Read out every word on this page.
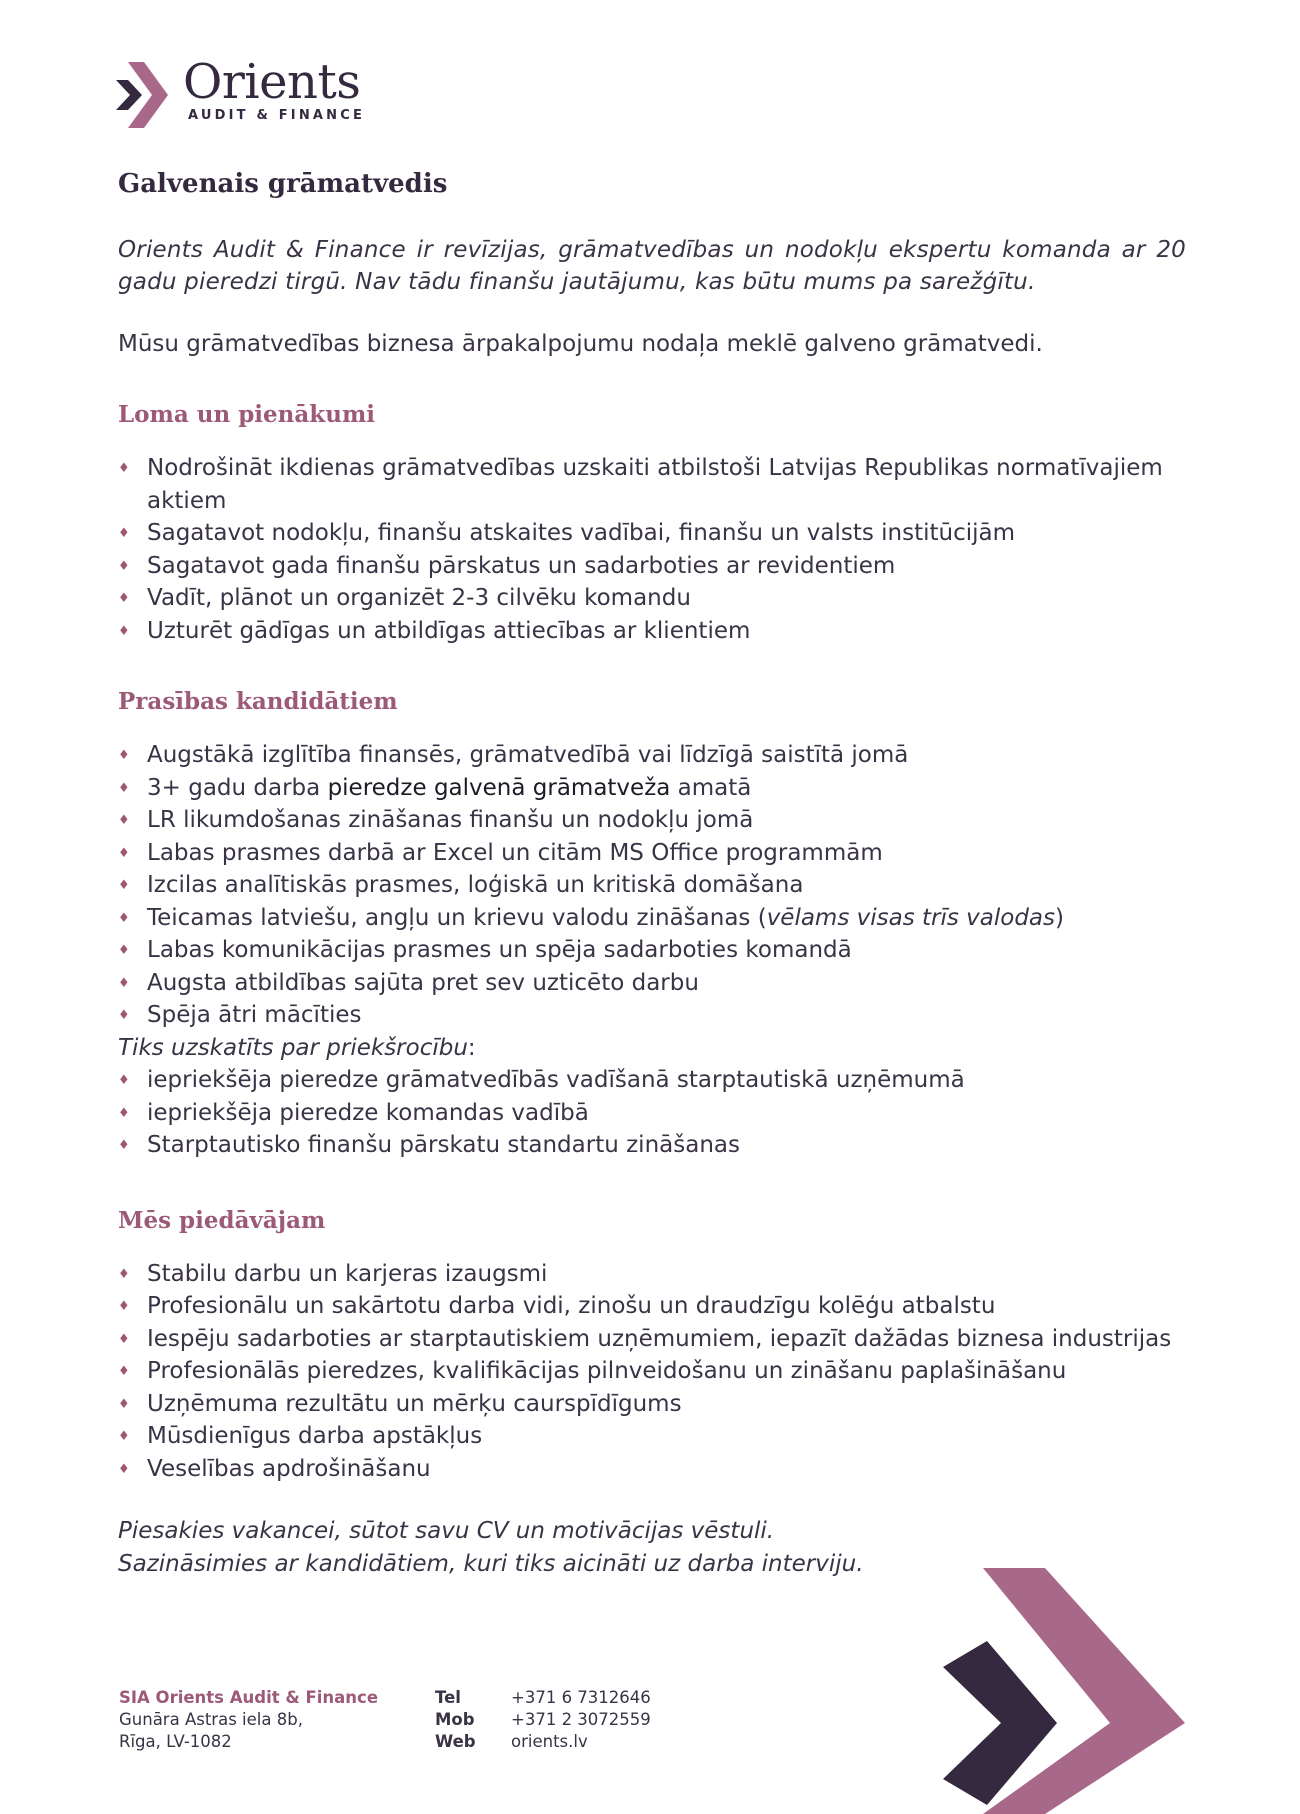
Orients
AUDIT & FINANCE
Galvenais grāmatvedis

Orients Audit & Finance ir revīzijas, grāmatvedības un nodokļu ekspertu komanda ar 20 gadu pieredzi tirgū. Nav tādu finanšu jautājumu, kas būtu mums pa sarežģītu.

Mūsu grāmatvedības biznesa ārpakalpojumu nodaļa meklē galveno grāmatvedi.

Loma un pienākumi
♦ Nodrošināt ikdienas grāmatvedības uzskaiti atbilstoši Latvijas Republikas normatīvajiem aktiem
♦ Sagatavot nodokļu, finanšu atskaites vadībai, finanšu un valsts institūcijām
♦ Sagatavot gada finanšu pārskatus un sadarboties ar revidentiem
♦ Vadīt, plānot un organizēt 2-3 cilvēku komandu
♦ Uzturēt gādīgas un atbildīgas attiecības ar klientiem
Prasības kandidātiem
♦ Augstākā izglītība finansēs, grāmatvedībā vai līdzīgā saistītā jomā
♦ 3+ gadu darba pieredze galvenā grāmatveža amatā
♦ LR likumdošanas zināšanas finanšu un nodokļu jomā
♦ Labas prasmes darbā ar Excel un citām MS Office programmām
♦ Izcilas analītiskās prasmes, loģiskā un kritiskā domāšana
♦ Teicamas latviešu, angļu un krievu valodu zināšanas (vēlams visas trīs valodas)
♦ Labas komunikācijas prasmes un spēja sadarboties komandā
♦ Augsta atbildības sajūta pret sev uzticēto darbu
♦ Spēja ātri mācīties
Tiks uzskatīts par priekšrocību:
♦ iepriekšēja pieredze grāmatvedībās vadīšanā starptautiskā uzņēmumā
♦ iepriekšēja pieredze komandas vadībā
♦ Starptautisko finanšu pārskatu standartu zināšanas
Mēs piedāvājam
♦ Stabilu darbu un karjeras izaugsmi
♦ Profesionālu un sakārtotu darba vidi, zinošu un draudzīgu kolēģu atbalstu
♦ Iespēju sadarboties ar starptautiskiem uzņēmumiem, iepazīt dažādas biznesa industrijas
♦ Profesionālās pieredzes, kvalifikācijas pilnveidošanu un zināšanu paplašināšanu
♦ Uzņēmuma rezultātu un mērķu caurspīdīgums
♦ Mūsdienīgus darba apstākļus
♦ Veselības apdrošināšanu
Piesakies vakancei, sūtot savu CV un motivācijas vēstuli.
Sazināsimies ar kandidātiem, kuri tiks aicināti uz darba interviju.
SIA Orients Audit & Finance
Gunāra Astras iela 8b,
Rīga, LV-1082
Tel
Mob
Web
+371 6 7312646
+371 2 3072559
orients.lv
